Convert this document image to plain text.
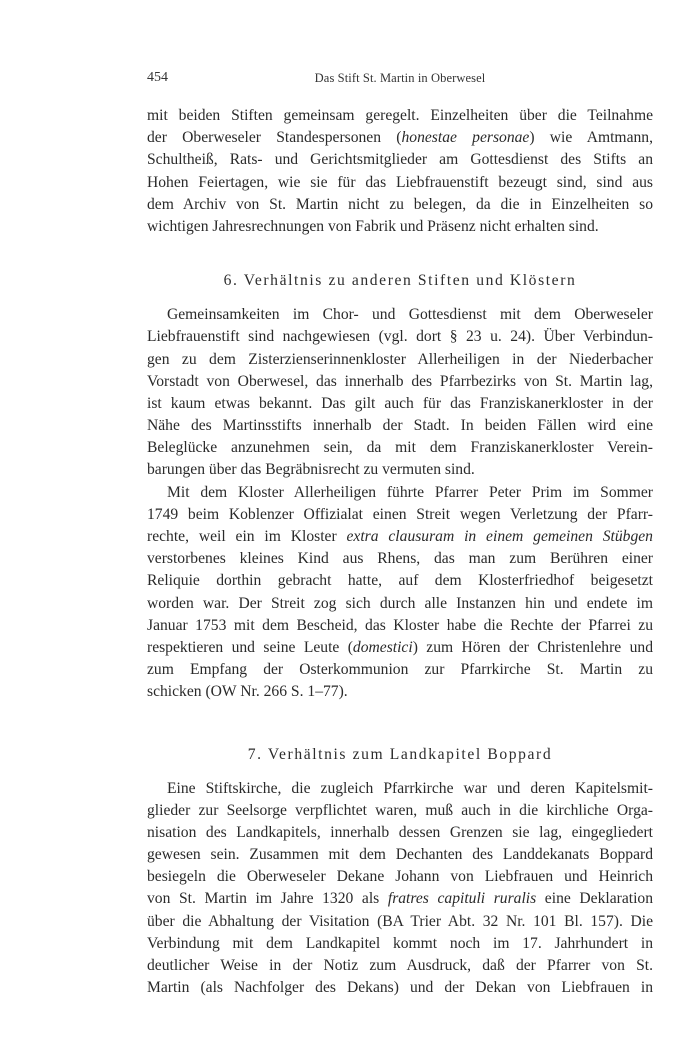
454	Das Stift St. Martin in Oberwesel
mit beiden Stiften gemeinsam geregelt. Einzelheiten über die Teilnahme
der Oberweseler Standespersonen (honestae personae) wie Amtmann,
Schultheiß, Rats- und Gerichtsmitglieder am Gottesdienst des Stifts an
Hohen Feiertagen, wie sie für das Liebfrauenstift bezeugt sind, sind aus
dem Archiv von St. Martin nicht zu belegen, da die in Einzelheiten so
wichtigen Jahresrechnungen von Fabrik und Präsenz nicht erhalten sind.
6. Verhältnis zu anderen Stiften und Klöstern
Gemeinsamkeiten im Chor- und Gottesdienst mit dem Oberweseler
Liebfrauenstift sind nachgewiesen (vgl. dort § 23 u. 24). Über Verbindun-
gen zu dem Zisterzienserinnenkloster Allerheiligen in der Niederbacher
Vorstadt von Oberwesel, das innerhalb des Pfarrbezirks von St. Martin lag,
ist kaum etwas bekannt. Das gilt auch für das Franziskanerkloster in der
Nähe des Martinsstifts innerhalb der Stadt. In beiden Fällen wird eine
Beleglücke anzunehmen sein, da mit dem Franziskanerkloster Verein-
barungen über das Begräbnisrecht zu vermuten sind.
Mit dem Kloster Allerheiligen führte Pfarrer Peter Prim im Sommer
1749 beim Koblenzer Offizialat einen Streit wegen Verletzung der Pfarr-
rechte, weil ein im Kloster extra clausuram in einem gemeinen Stübgen
verstorbenes kleines Kind aus Rhens, das man zum Berühren einer
Reliquie dorthin gebracht hatte, auf dem Klosterfriedhof beigesetzt
worden war. Der Streit zog sich durch alle Instanzen hin und endete im
Januar 1753 mit dem Bescheid, das Kloster habe die Rechte der Pfarrei zu
respektieren und seine Leute (domestici) zum Hören der Christenlehre und
zum Empfang der Osterkommunion zur Pfarrkirche St. Martin zu
schicken (OW Nr. 266 S. 1–77).
7. Verhältnis zum Landkapitel Boppard
Eine Stiftskirche, die zugleich Pfarrkirche war und deren Kapitelsmit-
glieder zur Seelsorge verpflichtet waren, muß auch in die kirchliche Orga-
nisation des Landkapitels, innerhalb dessen Grenzen sie lag, eingegliedert
gewesen sein. Zusammen mit dem Dechanten des Landdekanats Boppard
besiegeln die Oberweseler Dekane Johann von Liebfrauen und Heinrich
von St. Martin im Jahre 1320 als fratres capituli ruralis eine Deklaration
über die Abhaltung der Visitation (BA Trier Abt. 32 Nr. 101 Bl. 157). Die
Verbindung mit dem Landkapitel kommt noch im 17. Jahrhundert in
deutlicher Weise in der Notiz zum Ausdruck, daß der Pfarrer von St.
Martin (als Nachfolger des Dekans) und der Dekan von Liebfrauen in
